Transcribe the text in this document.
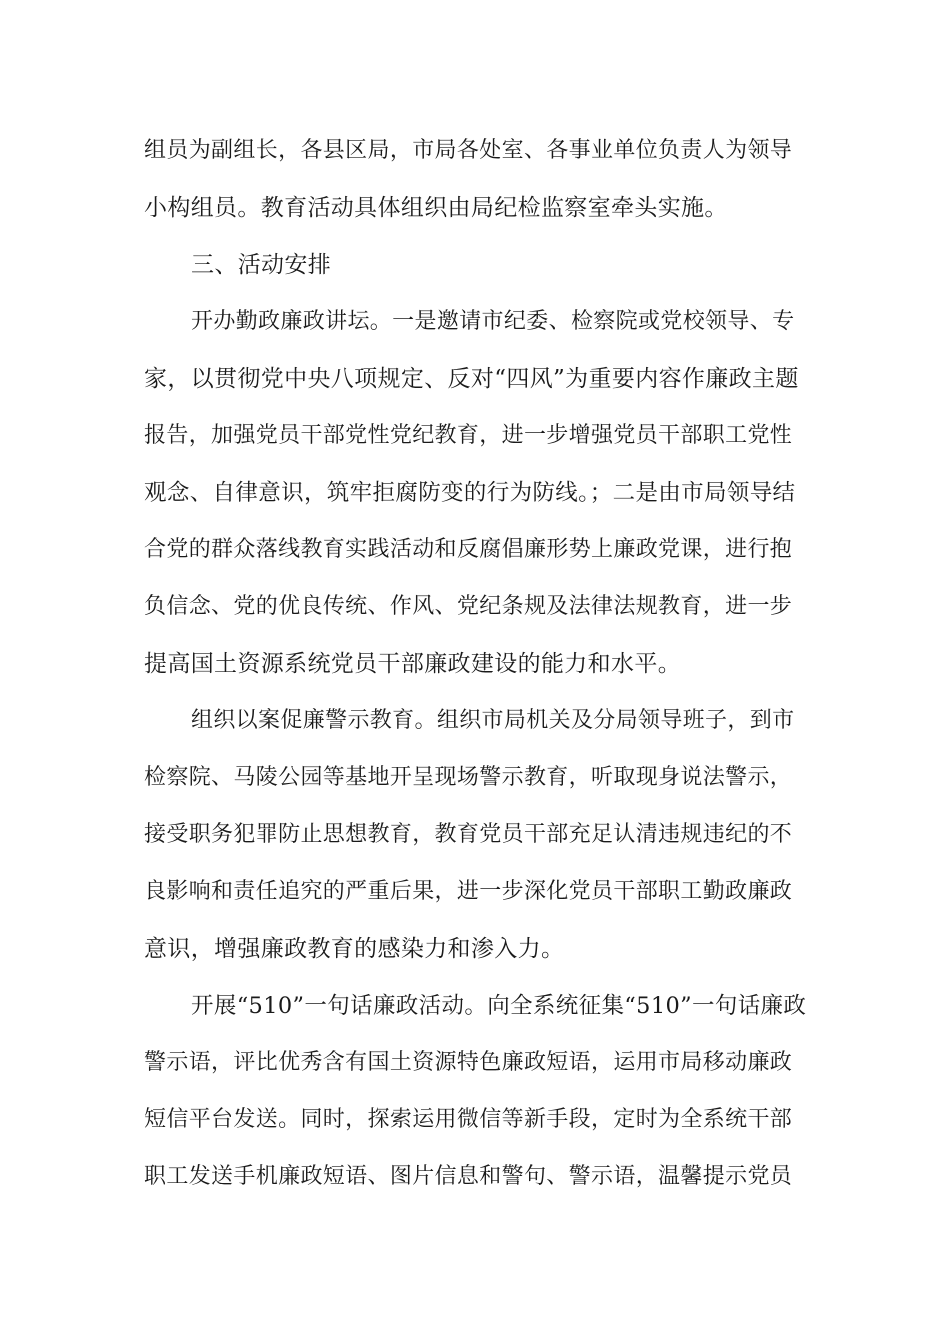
组员为副组长，各县区局，市局各处室、各事业单位负责人为领导
小构组员。教育活动具体组织由局纪检监察室牵头实施。
三、活动安排
开办勤政廉政讲坛。一是邀请市纪委、检察院或党校领导、专
家，以贯彻党中央八项规定、反对“四风”为重要内容作廉政主题
报告，加强党员干部党性党纪教育，进一步增强党员干部职工党性
观念、自律意识，筑牢拒腐防变的行为防线。；二是由市局领导结
合党的群众落线教育实践活动和反腐倡廉形势上廉政党课，进行抱
负信念、党的优良传统、作风、党纪条规及法律法规教育，进一步
提高国土资源系统党员干部廉政建设的能力和水平。
组织以案促廉警示教育。组织市局机关及分局领导班子，到市
检察院、马陵公园等基地开呈现场警示教育，听取现身说法警示，
接受职务犯罪防止思想教育，教育党员干部充足认清违规违纪的不
良影响和责任追究的严重后果，进一步深化党员干部职工勤政廉政
意识，增强廉政教育的感染力和渗入力。
开展“510”一句话廉政活动。向全系统征集“510”一句话廉政
警示语，评比优秀含有国土资源特色廉政短语，运用市局移动廉政
短信平台发送。同时，探索运用微信等新手段，定时为全系统干部
职工发送手机廉政短语、图片信息和警句、警示语，温馨提示党员
